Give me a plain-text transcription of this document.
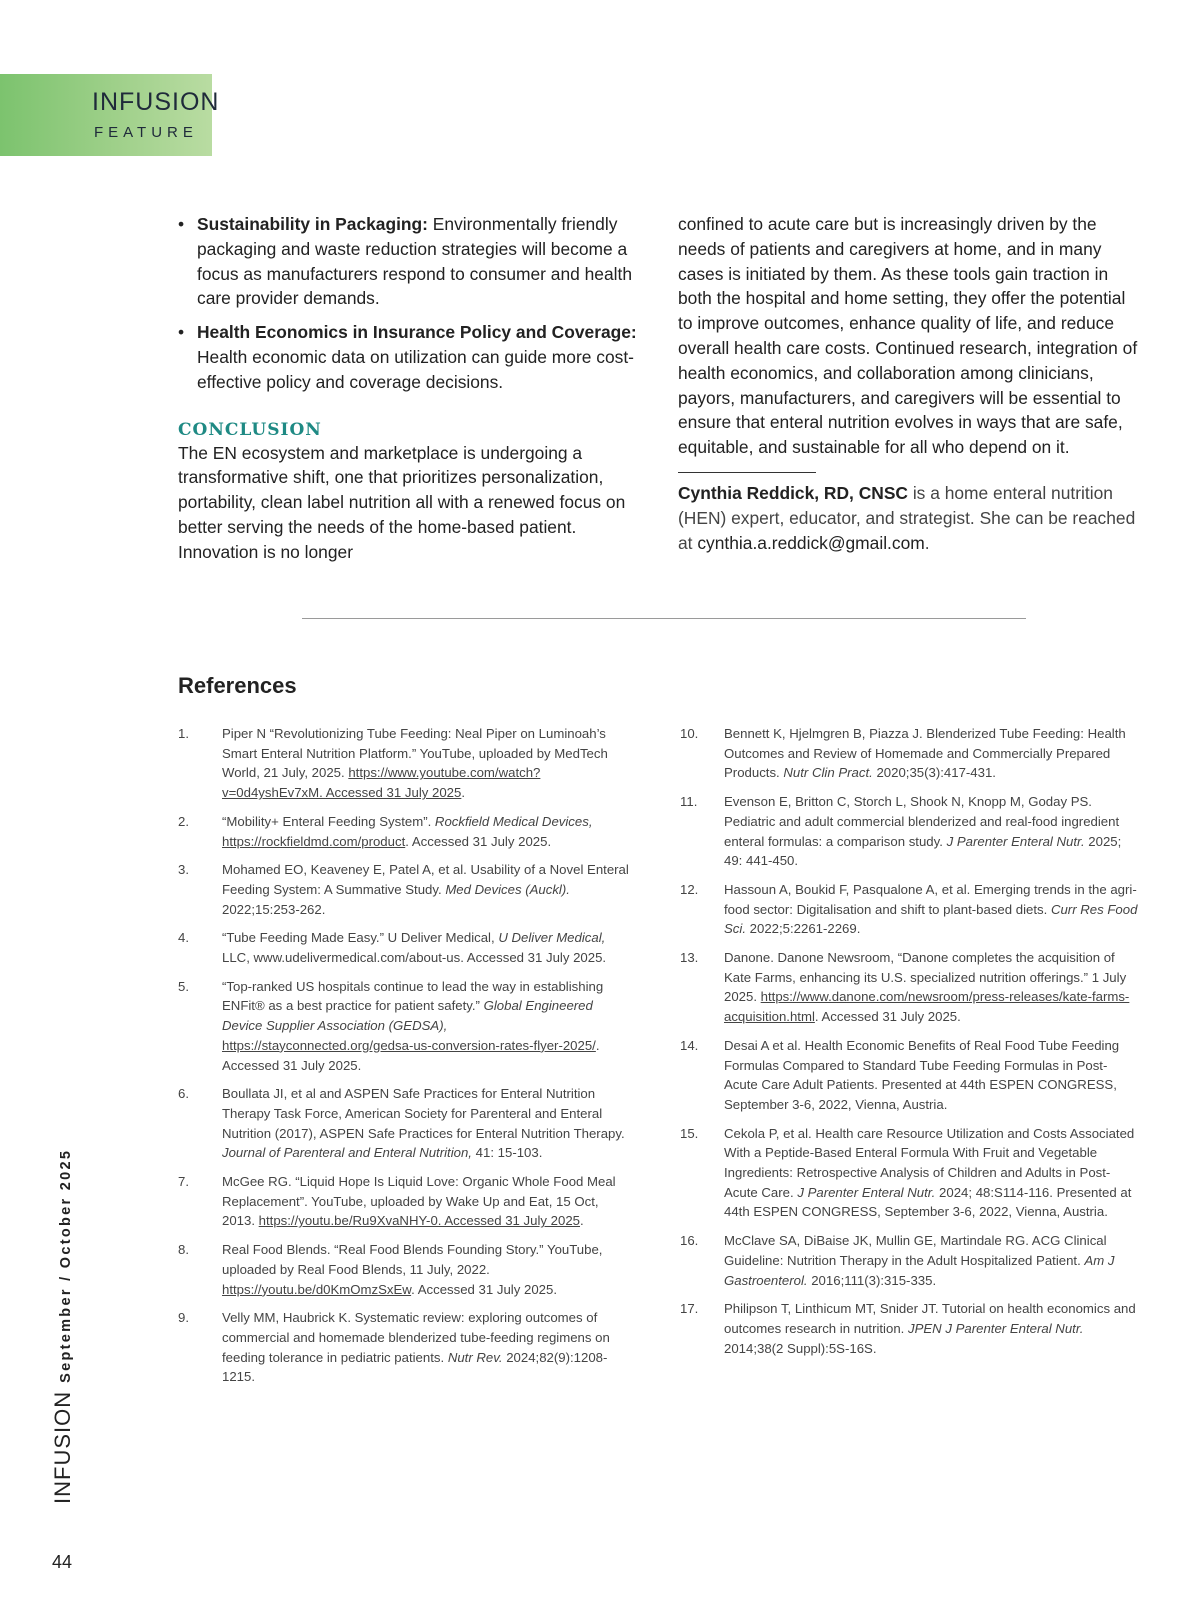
INFUSION
FEATURE
• Sustainability in Packaging: Environmentally friendly packaging and waste reduction strategies will become a focus as manufacturers respond to consumer and health care provider demands.
• Health Economics in Insurance Policy and Coverage: Health economic data on utilization can guide more cost-effective policy and coverage decisions.
CONCLUSION

The EN ecosystem and marketplace is undergoing a transformative shift, one that prioritizes personalization, portability, clean label nutrition all with a renewed focus on better serving the needs of the home-based patient. Innovation is no longer

confined to acute care but is increasingly driven by the needs of patients and caregivers at home, and in many cases is initiated by them. As these tools gain traction in both the hospital and home setting, they offer the potential to improve outcomes, enhance quality of life, and reduce overall health care costs. Continued research, integration of health economics, and collaboration among clinicians, payors, manufacturers, and caregivers will be essential to ensure that enteral nutrition evolves in ways that are safe, equitable, and sustainable for all who depend on it.

Cynthia Reddick, RD, CNSC is a home enteral nutrition (HEN) expert, educator, and strategist. She can be reached at cynthia.a.reddick@gmail.com.

References
1.	Piper N “Revolutionizing Tube Feeding: Neal Piper on Luminoah’s Smart Enteral Nutrition Platform.” YouTube, uploaded by MedTech World, 21 July, 2025. https://www.youtube.com/watch?v=0d4yshEv7xM. Accessed 31 July 2025.
2.	“Mobility+ Enteral Feeding System”. Rockfield Medical Devices, https://rockfieldmd.com/product. Accessed 31 July 2025.
3.	Mohamed EO, Keaveney E, Patel A, et al. Usability of a Novel Enteral Feeding System: A Summative Study. Med Devices (Auckl). 2022;15:253-262.
4.	“Tube Feeding Made Easy.” U Deliver Medical, U Deliver Medical, LLC, www.udelivermedical.com/about-us. Accessed 31 July 2025.
5.	“Top-ranked US hospitals continue to lead the way in establishing ENFit® as a best practice for patient safety.” Global Engineered Device Supplier Association (GEDSA), https://stayconnected.org/gedsa-us-conversion-rates-flyer-2025/. Accessed 31 July 2025.
6.	Boullata JI, et al and ASPEN Safe Practices for Enteral Nutrition Therapy Task Force, American Society for Parenteral and Enteral Nutrition (2017), ASPEN Safe Practices for Enteral Nutrition Therapy. Journal of Parenteral and Enteral Nutrition, 41: 15-103.
7.	McGee RG. “Liquid Hope Is Liquid Love: Organic Whole Food Meal Replacement”. YouTube, uploaded by Wake Up and Eat, 15 Oct, 2013. https://youtu.be/Ru9XvaNHY-0. Accessed 31 July 2025.
8.	Real Food Blends. “Real Food Blends Founding Story.” YouTube, uploaded by Real Food Blends, 11 July, 2022. https://youtu.be/d0KmOmzSxEw. Accessed 31 July 2025.
9.	Velly MM, Haubrick K. Systematic review: exploring outcomes of commercial and homemade blenderized tube-feeding regimens on feeding tolerance in pediatric patients. Nutr Rev. 2024;82(9):1208-1215.
10. Bennett K, Hjelmgren B, Piazza J. Blenderized Tube Feeding: Health Outcomes and Review of Homemade and Commercially Prepared Products. Nutr Clin Pract. 2020;35(3):417-431.
11. Evenson E, Britton C, Storch L, Shook N, Knopp M, Goday PS. Pediatric and adult commercial blenderized and real-food ingredient enteral formulas: a comparison study. J Parenter Enteral Nutr. 2025; 49: 441-450.
12. Hassoun A, Boukid F, Pasqualone A, et al. Emerging trends in the agri-food sector: Digitalisation and shift to plant-based diets. Curr Res Food Sci. 2022;5:2261-2269.
13. Danone. Danone Newsroom, “Danone completes the acquisition of Kate Farms, enhancing its U.S. specialized nutrition offerings.” 1 July 2025. https://www.danone.com/newsroom/press-releases/kate-farms-acquisition.html. Accessed 31 July 2025.
14. Desai A et al. Health Economic Benefits of Real Food Tube Feeding Formulas Compared to Standard Tube Feeding Formulas in Post-Acute Care Adult Patients. Presented at 44th ESPEN CONGRESS, September 3-6, 2022, Vienna, Austria.
15. Cekola P, et al. Health care Resource Utilization and Costs Associated With a Peptide-Based Enteral Formula With Fruit and Vegetable Ingredients: Retrospective Analysis of Children and Adults in Post-Acute Care. J Parenter Enteral Nutr. 2024; 48:S114-116. Presented at 44th ESPEN CONGRESS, September 3-6, 2022, Vienna, Austria.
16. McClave SA, DiBaise JK, Mullin GE, Martindale RG. ACG Clinical Guideline: Nutrition Therapy in the Adult Hospitalized Patient. Am J Gastroenterol. 2016;111(3):315-335.
17. Philipson T, Linthicum MT, Snider JT. Tutorial on health economics and outcomes research in nutrition. JPEN J Parenter Enteral Nutr. 2014;38(2 Suppl):5S-16S.
INFUSIONSeptember / October 2025
44
